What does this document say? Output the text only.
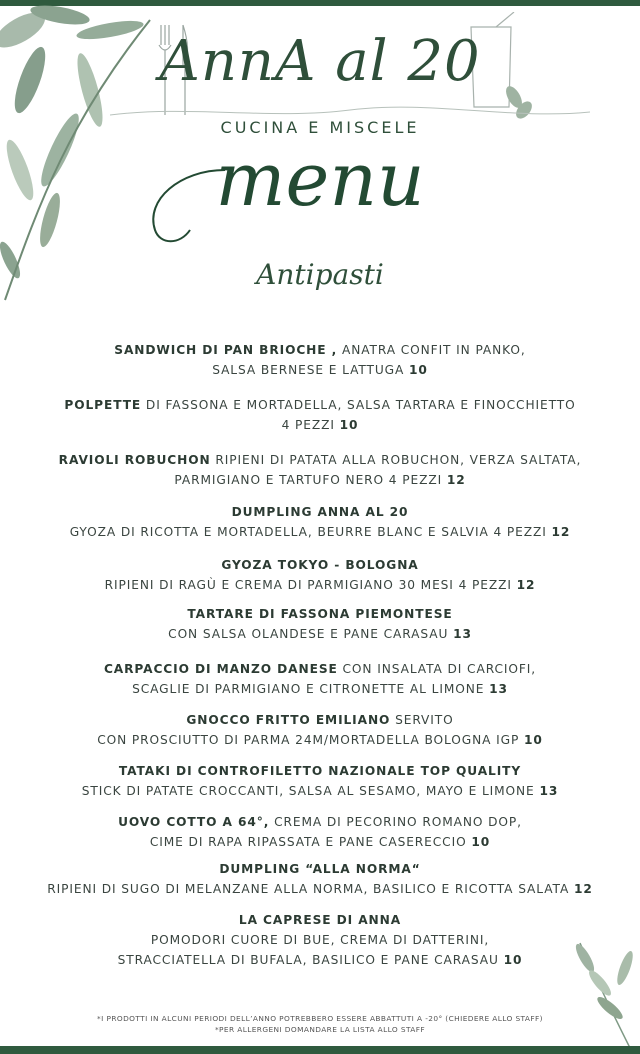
AnnA al 20
CUCINA E MISCELE
menu
Antipasti
SANDWICH DI PAN BRIOCHE , ANATRA CONFIT IN PANKO,
SALSA BERNESE E LATTUGA 10
POLPETTE DI FASSONA E MORTADELLA, SALSA TARTARA E FINOCCHIETTO
4 PEZZI 10
RAVIOLI ROBUCHON RIPIENI DI PATATA ALLA ROBUCHON, VERZA SALTATA,
PARMIGIANO E TARTUFO NERO 4 PEZZI 12
DUMPLING ANNA AL 20
GYOZA DI RICOTTA E MORTADELLA, BEURRE BLANC E SALVIA 4 PEZZI 12
GYOZA TOKYO - BOLOGNA
RIPIENI DI RAGÙ E CREMA DI PARMIGIANO 30 MESI 4 PEZZI 12
TARTARE DI FASSONA PIEMONTESE
CON SALSA OLANDESE E PANE CARASAU 13
CARPACCIO DI MANZO DANESE CON INSALATA DI CARCIOFI,
SCAGLIE DI PARMIGIANO E CITRONETTE AL LIMONE 13
GNOCCO FRITTO EMILIANO SERVITO
CON PROSCIUTTO DI PARMA 24M/MORTADELLA BOLOGNA IGP 10
TATAKI DI CONTROFILETTO NAZIONALE TOP QUALITY
STICK DI PATATE CROCCANTI, SALSA AL SESAMO, MAYO E LIMONE 13
UOVO COTTO A 64°, CREMA DI PECORINO ROMANO DOP,
CIME DI RAPA RIPASSATA E PANE CASERECCIO 10
DUMPLING “ALLA NORMA“
RIPIENI DI SUGO DI MELANZANE ALLA NORMA, BASILICO E RICOTTA SALATA 12
LA CAPRESE DI ANNA
POMODORI CUORE DI BUE, CREMA DI DATTERINI,
STRACCIATELLA DI BUFALA, BASILICO E PANE CARASAU 10
*I PRODOTTI IN ALCUNI PERIODI DELL’ANNO POTREBBERO ESSERE ABBATTUTI A -20° (CHIEDERE ALLO STAFF)
*PER ALLERGENI DOMANDARE LA LISTA ALLO STAFF
